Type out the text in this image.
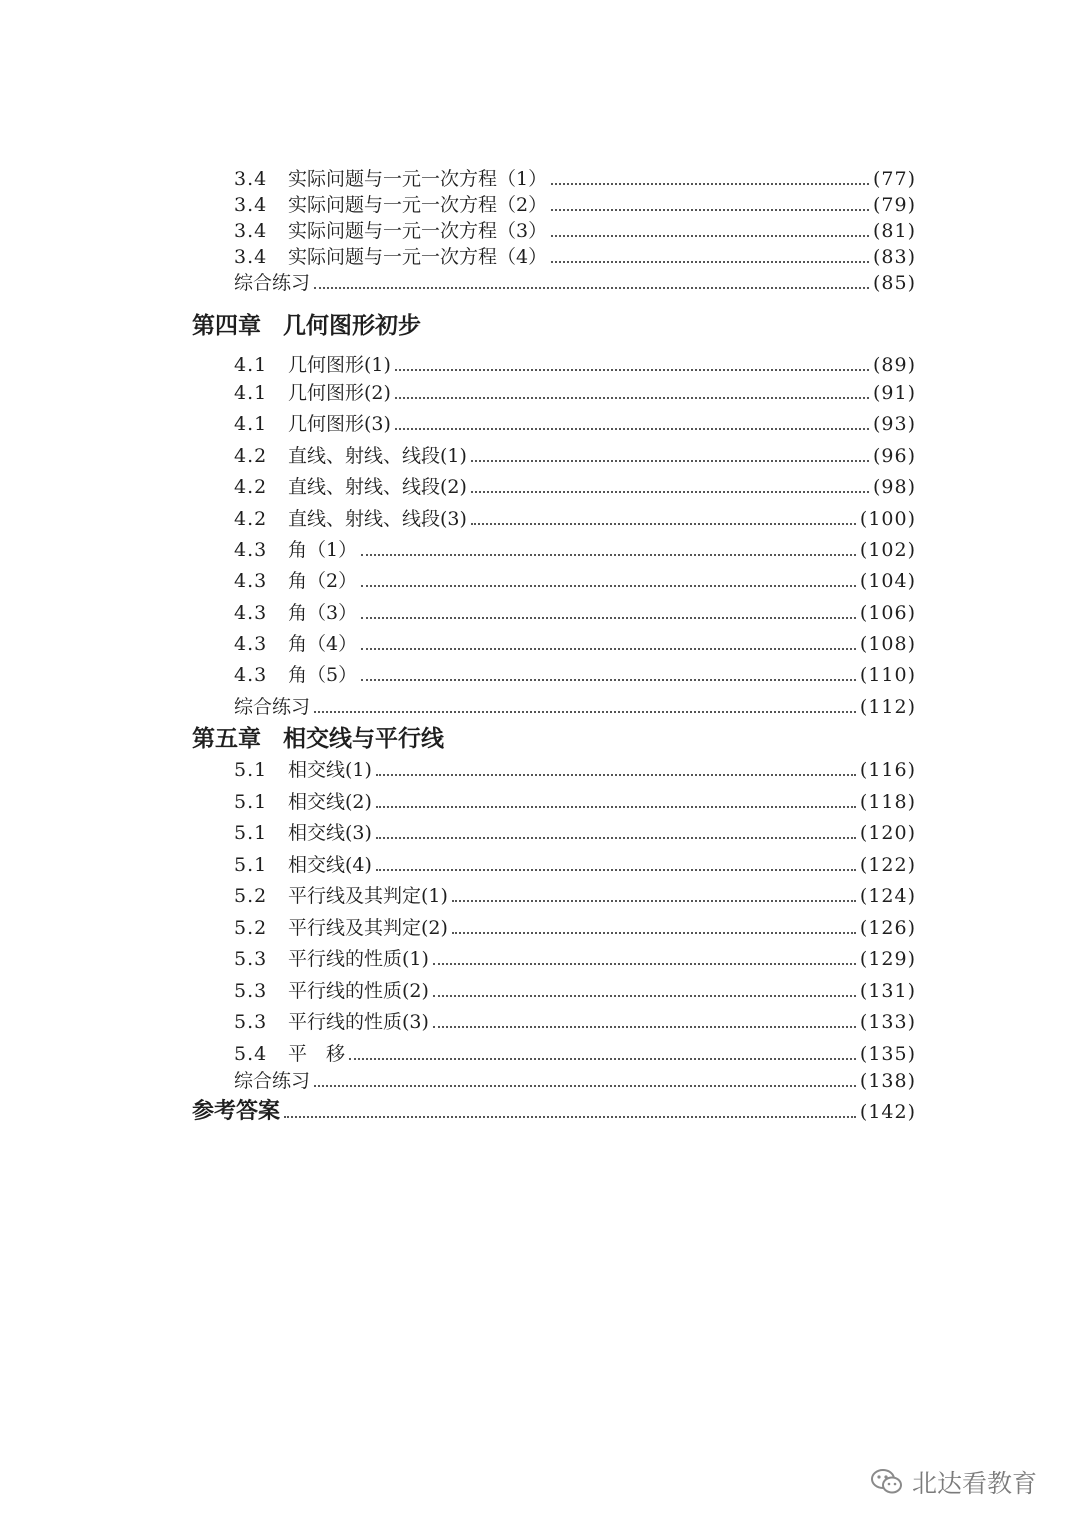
3.4	实际问题与一元一次方程（1）	(77)
3.4	实际问题与一元一次方程（2）	(79)
3.4	实际问题与一元一次方程（3）	(81)
3.4	实际问题与一元一次方程（4）	(83)
综合练习	(85)
第四章 几何图形初步
4.1	几何图形(1)	(89)
4.1	几何图形(2)	(91)
4.1	几何图形(3)	(93)
4.2	直线、射线、线段(1)	(96)
4.2	直线、射线、线段(2)	(98)
4.2	直线、射线、线段(3)	(100)
4.3	角（1）	(102)
4.3	角（2）	(104)
4.3	角（3）	(106)
4.3	角（4）	(108)
4.3	角（5）	(110)
综合练习	(112)
第五章 相交线与平行线
5.1	相交线(1)	(116)
5.1	相交线(2)	(118)
5.1	相交线(3)	(120)
5.1	相交线(4)	(122)
5.2	平行线及其判定(1)	(124)
5.2	平行线及其判定(2)	(126)
5.3	平行线的性质(1)	(129)
5.3	平行线的性质(2)	(131)
5.3	平行线的性质(3)	(133)
5.4	平　移	(135)
综合练习	(138)
参考答案	(142)
北达看教育
